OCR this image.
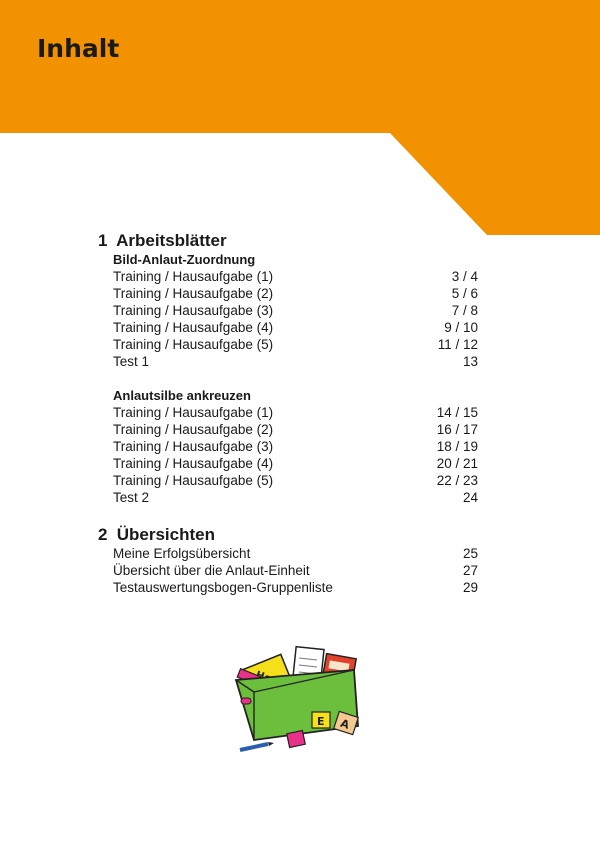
Inhalt
1 Arbeitsblätter
Bild-Anlaut-Zuordnung
Training / Hausaufgabe (1)	3 / 4
Training / Hausaufgabe (2)	5 / 6
Training / Hausaufgabe (3)	7 / 8
Training / Hausaufgabe (4)	9 / 10
Training / Hausaufgabe (5)	11 / 12
Test 1	13
Anlautsilbe ankreuzen
Training / Hausaufgabe (1)	14 / 15
Training / Hausaufgabe (2)	16 / 17
Training / Hausaufgabe (3)	18 / 19
Training / Hausaufgabe (4)	20 / 21
Training / Hausaufgabe (5)	22 / 23
Test 2	24
2 Übersichten
Meine Erfolgsübersicht	25
Übersicht über die Anlaut-Einheit	27
Testauswertungsbogen-Gruppenliste	29
E A
